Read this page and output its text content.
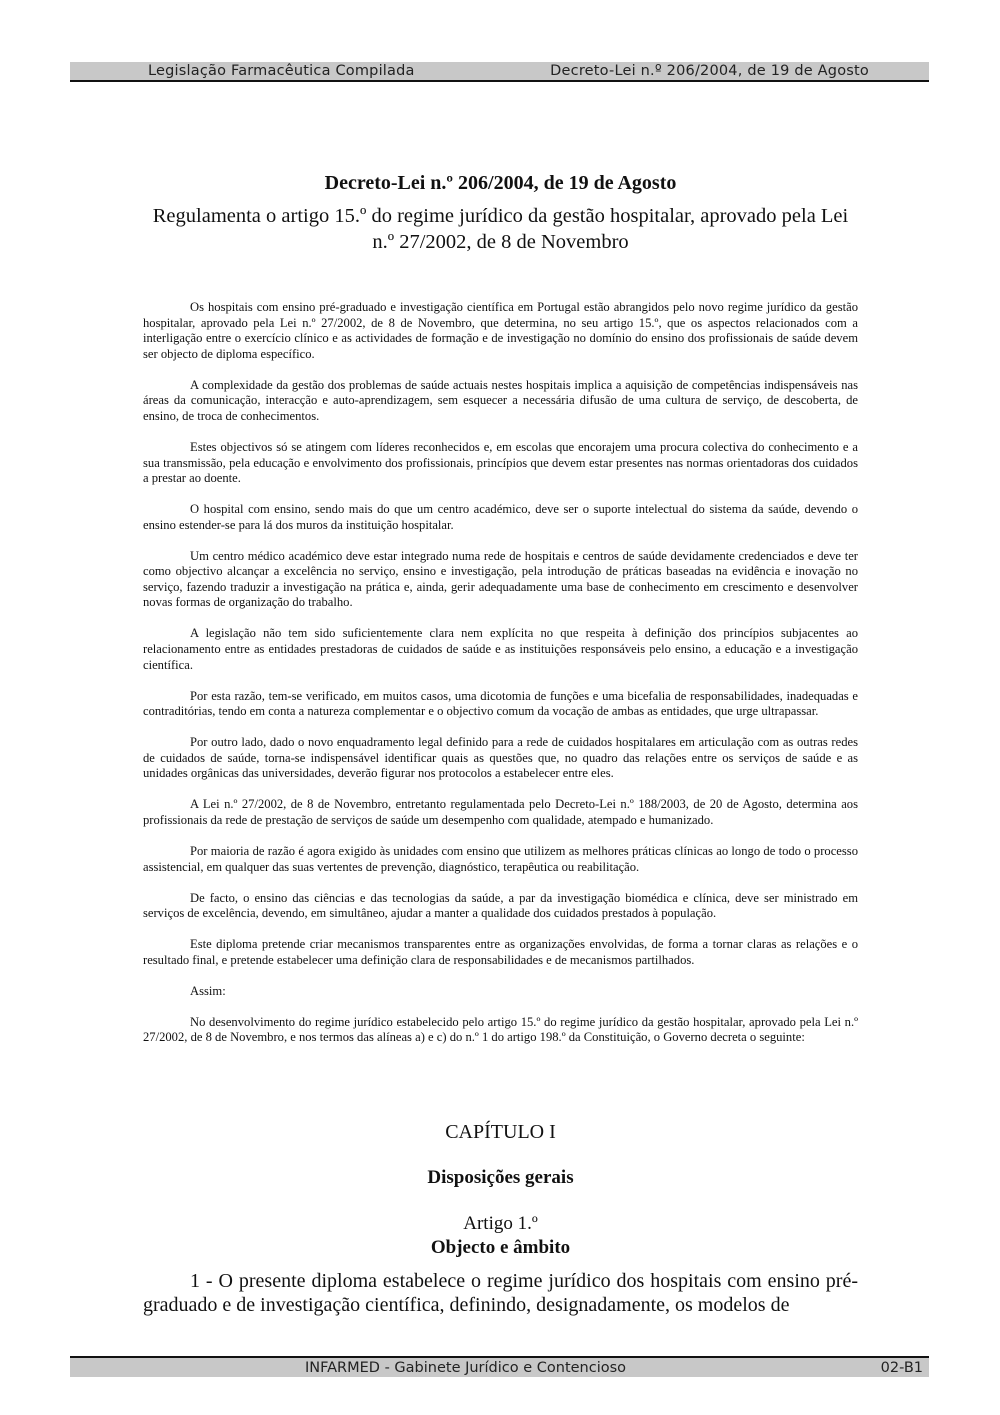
Legislação Farmacêutica Compilada	Decreto-Lei n.º 206/2004, de 19 de Agosto
Decreto-Lei n.º 206/2004, de 19 de Agosto
Regulamenta o artigo 15.º do regime jurídico da gestão hospitalar, aprovado pela Lei n.º 27/2002, de 8 de Novembro

Os hospitais com ensino pré-graduado e investigação científica em Portugal estão abrangidos pelo novo regime jurídico da gestão hospitalar, aprovado pela Lei n.º 27/2002, de 8 de Novembro, que determina, no seu artigo 15.º, que os aspectos relacionados com a interligação entre o exercício clínico e as actividades de formação e de investigação no domínio do ensino dos profissionais de saúde devem ser objecto de diploma específico.

A complexidade da gestão dos problemas de saúde actuais nestes hospitais implica a aquisição de competências indispensáveis nas áreas da comunicação, interacção e auto-aprendizagem, sem esquecer a necessária difusão de uma cultura de serviço, de descoberta, de ensino, de troca de conhecimentos.

Estes objectivos só se atingem com líderes reconhecidos e, em escolas que encorajem uma procura colectiva do conhecimento e a sua transmissão, pela educação e envolvimento dos profissionais, princípios que devem estar presentes nas normas orientadoras dos cuidados a prestar ao doente.

O hospital com ensino, sendo mais do que um centro académico, deve ser o suporte intelectual do sistema da saúde, devendo o ensino estender-se para lá dos muros da instituição hospitalar.

Um centro médico académico deve estar integrado numa rede de hospitais e centros de saúde devidamente credenciados e deve ter como objectivo alcançar a excelência no serviço, ensino e investigação, pela introdução de práticas baseadas na evidência e inovação no serviço, fazendo traduzir a investigação na prática e, ainda, gerir adequadamente uma base de conhecimento em crescimento e desenvolver novas formas de organização do trabalho.

A legislação não tem sido suficientemente clara nem explícita no que respeita à definição dos princípios subjacentes ao relacionamento entre as entidades prestadoras de cuidados de saúde e as instituições responsáveis pelo ensino, a educação e a investigação científica.

Por esta razão, tem-se verificado, em muitos casos, uma dicotomia de funções e uma bicefalia de responsabilidades, inadequadas e contraditórias, tendo em conta a natureza complementar e o objectivo comum da vocação de ambas as entidades, que urge ultrapassar.

Por outro lado, dado o novo enquadramento legal definido para a rede de cuidados hospitalares em articulação com as outras redes de cuidados de saúde, torna-se indispensável identificar quais as questões que, no quadro das relações entre os serviços de saúde e as unidades orgânicas das universidades, deverão figurar nos protocolos a estabelecer entre eles.

A Lei n.º 27/2002, de 8 de Novembro, entretanto regulamentada pelo Decreto-Lei n.º 188/2003, de 20 de Agosto, determina aos profissionais da rede de prestação de serviços de saúde um desempenho com qualidade, atempado e humanizado.

Por maioria de razão é agora exigido às unidades com ensino que utilizem as melhores práticas clínicas ao longo de todo o processo assistencial, em qualquer das suas vertentes de prevenção, diagnóstico, terapêutica ou reabilitação.

De facto, o ensino das ciências e das tecnologias da saúde, a par da investigação biomédica e clínica, deve ser ministrado em serviços de excelência, devendo, em simultâneo, ajudar a manter a qualidade dos cuidados prestados à população.

Este diploma pretende criar mecanismos transparentes entre as organizações envolvidas, de forma a tornar claras as relações e o resultado final, e pretende estabelecer uma definição clara de responsabilidades e de mecanismos partilhados.

Assim:

No desenvolvimento do regime jurídico estabelecido pelo artigo 15.º do regime jurídico da gestão hospitalar, aprovado pela Lei n.º 27/2002, de 8 de Novembro, e nos termos das alíneas a) e c) do n.º 1 do artigo 198.º da Constituição, o Governo decreta o seguinte:

CAPÍTULO I
Disposições gerais
Artigo 1.º
Objecto e âmbito

1 - O presente diploma estabelece o regime jurídico dos hospitais com ensino pré-graduado e de investigação científica, definindo, designadamente, os modelos de

INFARMED - Gabinete Jurídico e Contencioso	02-B1
